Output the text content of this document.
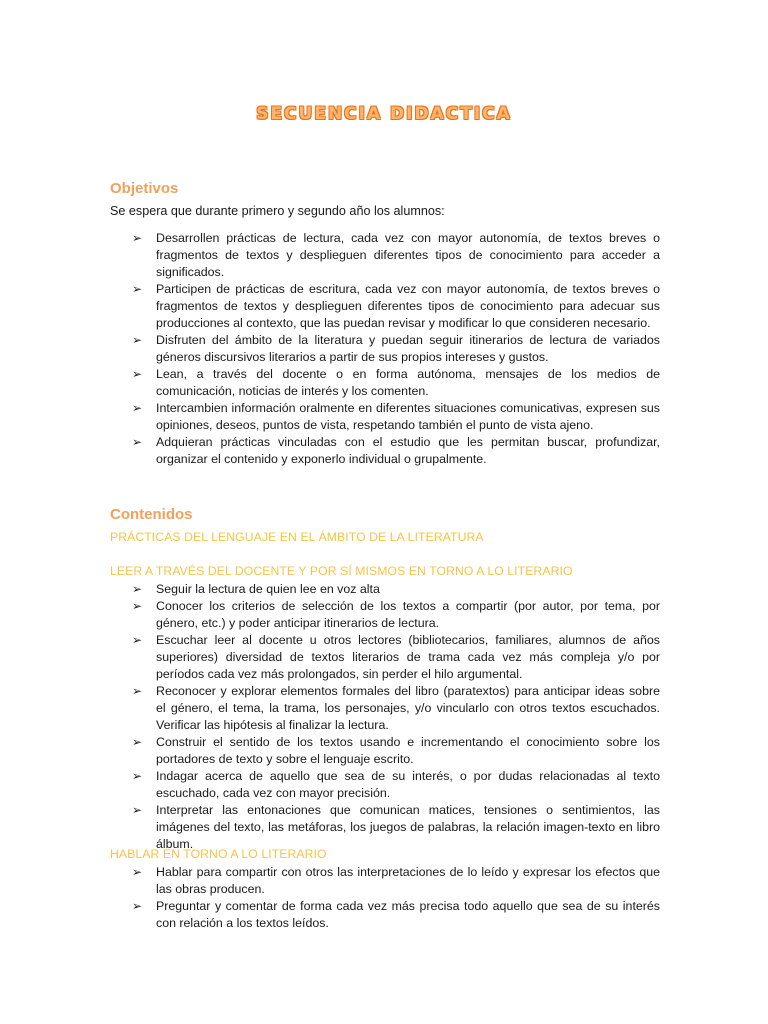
SECUENCIA DIDACTICA
Objetivos
Se espera que durante primero y segundo año los alumnos:
➢ Desarrollen prácticas de lectura, cada vez con mayor autonomía, de textos breves o fragmentos de textos y desplieguen diferentes tipos de conocimiento para acceder a significados.
➢ Participen de prácticas de escritura, cada vez con mayor autonomía, de textos breves o fragmentos de textos y desplieguen diferentes tipos de conocimiento para adecuar sus producciones al contexto, que las puedan revisar y modificar lo que consideren necesario.
➢ Disfruten del ámbito de la literatura y puedan seguir itinerarios de lectura de variados géneros discursivos literarios a partir de sus propios intereses y gustos.
➢ Lean, a través del docente o en forma autónoma, mensajes de los medios de comunicación, noticias de interés y los comenten.
➢ Intercambien información oralmente en diferentes situaciones comunicativas, expresen sus opiniones, deseos, puntos de vista, respetando también el punto de vista ajeno.
➢ Adquieran prácticas vinculadas con el estudio que les permitan buscar, profundizar, organizar el contenido y exponerlo individual o grupalmente.
Contenidos
PRÁCTICAS DEL LENGUAJE EN EL ÁMBITO DE LA LITERATURA
LEER A TRAVÉS DEL DOCENTE Y POR SÍ MISMOS EN TORNO A LO LITERARIO
➢ Seguir la lectura de quien lee en voz alta
➢ Conocer los criterios de selección de los textos a compartir (por autor, por tema, por género, etc.) y poder anticipar itinerarios de lectura.
➢ Escuchar leer al docente u otros lectores (bibliotecarios, familiares, alumnos de años superiores) diversidad de textos literarios de trama cada vez más compleja y/o por períodos cada vez más prolongados, sin perder el hilo argumental.
➢ Reconocer y explorar elementos formales del libro (paratextos) para anticipar ideas sobre el género, el tema, la trama, los personajes, y/o vincularlo con otros textos escuchados. Verificar las hipótesis al finalizar la lectura.
➢ Construir el sentido de los textos usando e incrementando el conocimiento sobre los portadores de texto y sobre el lenguaje escrito.
➢ Indagar acerca de aquello que sea de su interés, o por dudas relacionadas al texto escuchado, cada vez con mayor precisión.
➢ Interpretar las entonaciones que comunican matices, tensiones o sentimientos, las imágenes del texto, las metáforas, los juegos de palabras, la relación imagen-texto en libro álbum.
HABLAR EN TORNO A LO LITERARIO
➢ Hablar para compartir con otros las interpretaciones de lo leído y expresar los efectos que las obras producen.
➢ Preguntar y comentar de forma cada vez más precisa todo aquello que sea de su interés con relación a los textos leídos.
